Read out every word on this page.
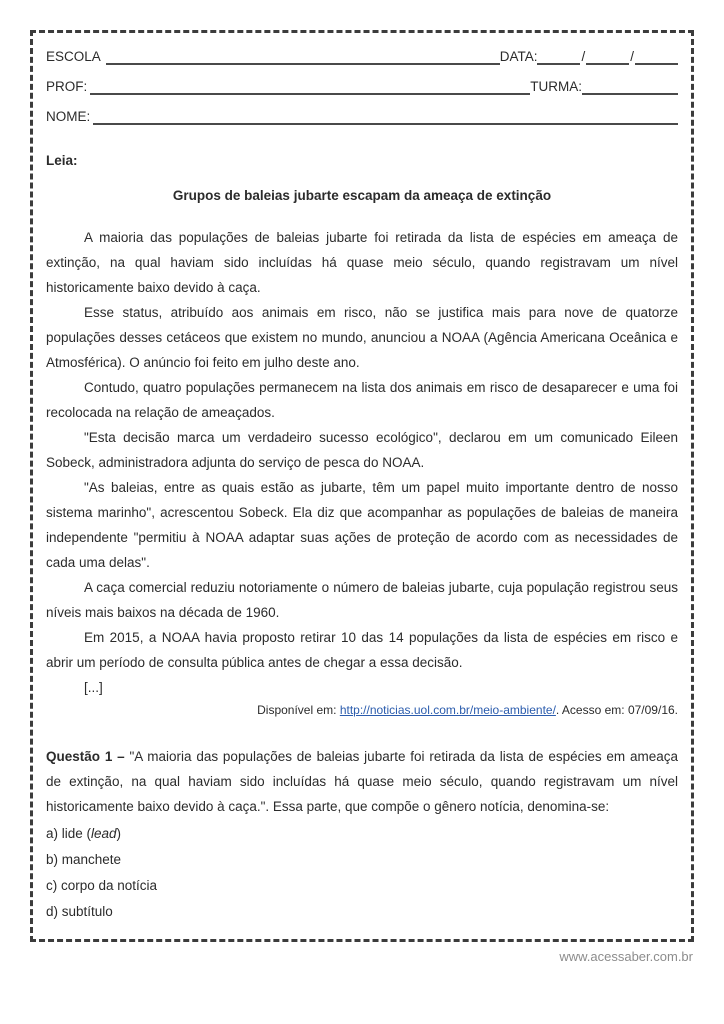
ESCOLA	DATA:	/	/
PROF:	TURMA:
NOME:

Leia:

Grupos de baleias jubarte escapam da ameaça de extinção

A maioria das populações de baleias jubarte foi retirada da lista de espécies em ameaça de extinção, na qual haviam sido incluídas há quase meio século, quando registravam um nível historicamente baixo devido à caça.

Esse status, atribuído aos animais em risco, não se justifica mais para nove de quatorze populações desses cetáceos que existem no mundo, anunciou a NOAA (Agência Americana Oceânica e Atmosférica). O anúncio foi feito em julho deste ano.

Contudo, quatro populações permanecem na lista dos animais em risco de desaparecer e uma foi recolocada na relação de ameaçados.

"Esta decisão marca um verdadeiro sucesso ecológico", declarou em um comunicado Eileen Sobeck, administradora adjunta do serviço de pesca do NOAA.

"As baleias, entre as quais estão as jubarte, têm um papel muito importante dentro de nosso sistema marinho", acrescentou Sobeck. Ela diz que acompanhar as populações de baleias de maneira independente "permitiu à NOAA adaptar suas ações de proteção de acordo com as necessidades de cada uma delas".

A caça comercial reduziu notoriamente o número de baleias jubarte, cuja população registrou seus níveis mais baixos na década de 1960.

Em 2015, a NOAA havia proposto retirar 10 das 14 populações da lista de espécies em risco e abrir um período de consulta pública antes de chegar a essa decisão.

[...]

Disponível em: http://noticias.uol.com.br/meio-ambiente/. Acesso em: 07/09/16.

Questão 1 – "A maioria das populações de baleias jubarte foi retirada da lista de espécies em ameaça de extinção, na qual haviam sido incluídas há quase meio século, quando registravam um nível historicamente baixo devido à caça.". Essa parte, que compõe o gênero notícia, denomina-se:

a) lide (lead)
b) manchete
c) corpo da notícia
d) subtítulo
www.acessaber.com.br
